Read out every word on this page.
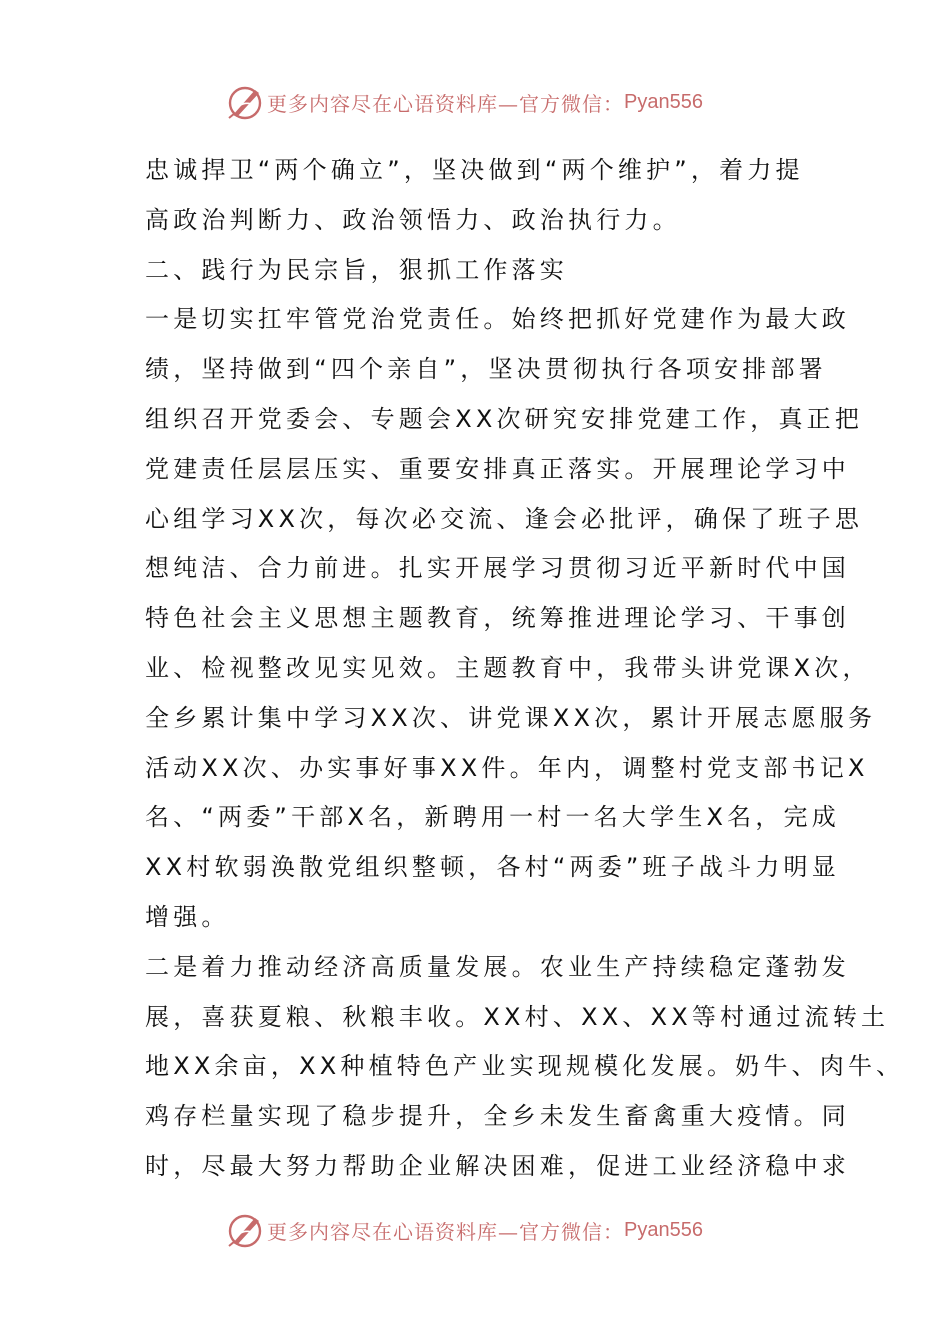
更多内容尽在心语资料库—官方微信： Pyan556
忠诚捍卫“两个确立”，坚决做到“两个维护”，着力提
高政治判断力、政治领悟力、政治执行力。
二、践行为民宗旨，狠抓工作落实
一是切实扛牢管党治党责任。始终把抓好党建作为最大政
绩，坚持做到“四个亲自”，坚决贯彻执行各项安排部署
组织召开党委会、专题会XX次研究安排党建工作，真正把
党建责任层层压实、重要安排真正落实。开展理论学习中
心组学习XX次，每次必交流、逢会必批评，确保了班子思
想纯洁、合力前进。扎实开展学习贯彻习近平新时代中国
特色社会主义思想主题教育，统筹推进理论学习、干事创
业、检视整改见实见效。主题教育中，我带头讲党课X次，
全乡累计集中学习XX次、讲党课XX次，累计开展志愿服务
活动XX次、办实事好事XX件。年内，调整村党支部书记X
名、“两委”干部X名，新聘用一村一名大学生X名，完成
XX村软弱涣散党组织整顿，各村“两委”班子战斗力明显
增强。
二是着力推动经济高质量发展。农业生产持续稳定蓬勃发
展，喜获夏粮、秋粮丰收。XX村、XX、XX等村通过流转土
地XX余亩，XX种植特色产业实现规模化发展。奶牛、肉牛、
鸡存栏量实现了稳步提升，全乡未发生畜禽重大疫情。同
时，尽最大努力帮助企业解决困难，促进工业经济稳中求
更多内容尽在心语资料库—官方微信： Pyan556
